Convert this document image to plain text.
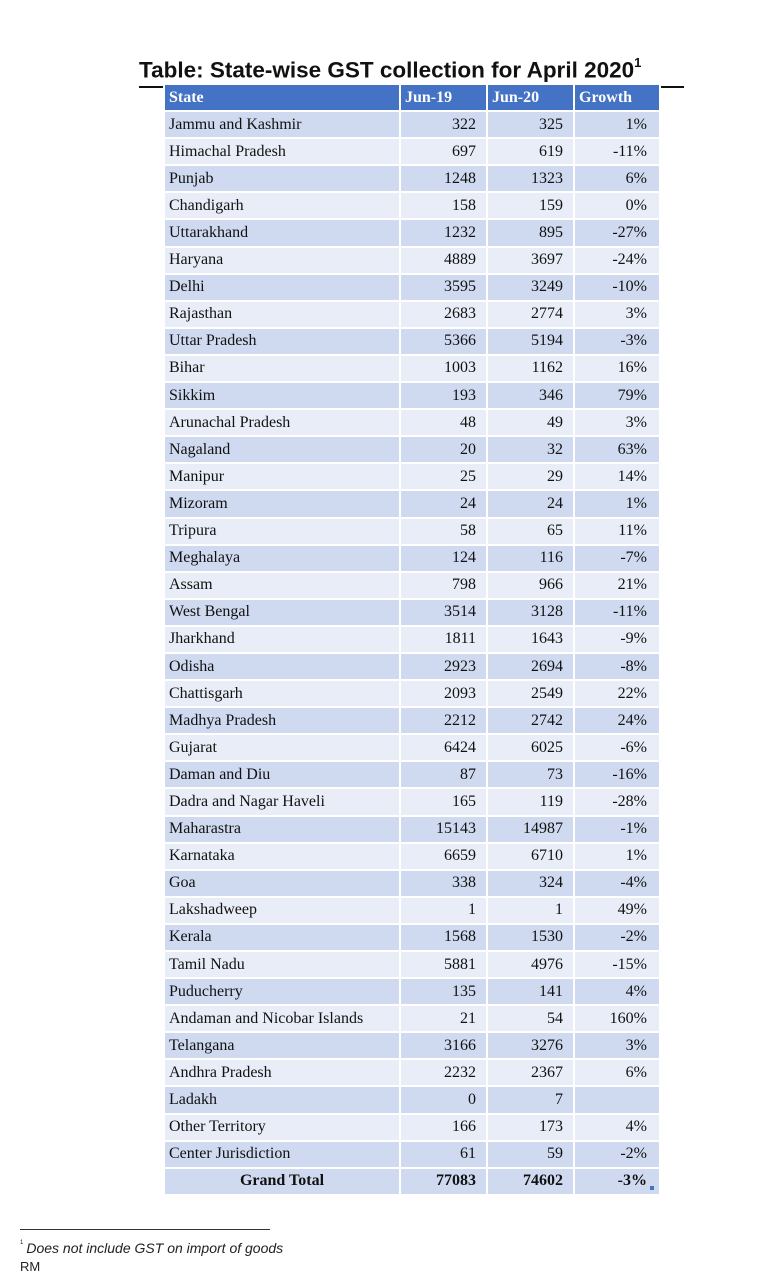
Table: State-wise GST collection for April 2020$^1$
State	Jun-19	Jun-20	Growth
Jammu and Kashmir	322	325	1%
Himachal Pradesh	697	619	-11%
Punjab	1248	1323	6%
Chandigarh	158	159	0%
Uttarakhand	1232	895	-27%
Haryana	4889	3697	-24%
Delhi	3595	3249	-10%
Rajasthan	2683	2774	3%
Uttar Pradesh	5366	5194	-3%
Bihar	1003	1162	16%
Sikkim	193	346	79%
Arunachal Pradesh	48	49	3%
Nagaland	20	32	63%
Manipur	25	29	14%
Mizoram	24	24	1%
Tripura	58	65	11%
Meghalaya	124	116	-7%
Assam	798	966	21%
West Bengal	3514	3128	-11%
Jharkhand	1811	1643	-9%
Odisha	2923	2694	-8%
Chattisgarh	2093	2549	22%
Madhya Pradesh	2212	2742	24%
Gujarat	6424	6025	-6%
Daman and Diu	87	73	-16%
Dadra and Nagar Haveli	165	119	-28%
Maharastra	15143	14987	-1%
Karnataka	6659	6710	1%
Goa	338	324	-4%
Lakshadweep	1	1	49%
Kerala	1568	1530	-2%
Tamil Nadu	5881	4976	-15%
Puducherry	135	141	4%
Andaman and Nicobar Islands	21	54	160%
Telangana	3166	3276	3%
Andhra Pradesh	2232	2367	6%
Ladakh	0	7	
Other Territory	166	173	4%
Center Jurisdiction	61	59	-2%
Grand Total	77083	74602	-3%
$^1$ Does not include GST on import of goods
RM
